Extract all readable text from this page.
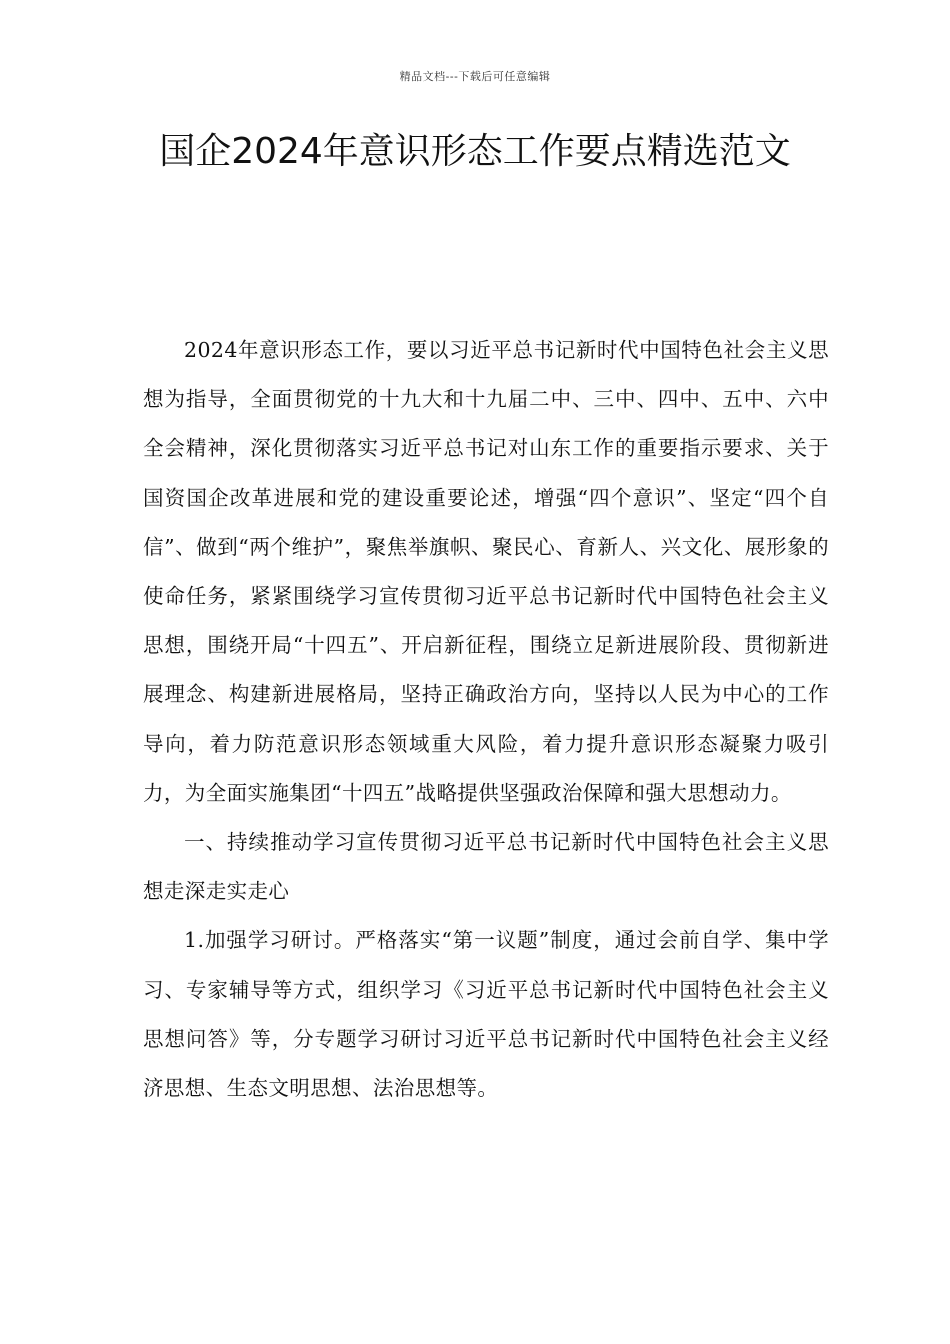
精品文档---下载后可任意编辑
国企2024年意识形态工作要点精选范文

2024年意识形态工作，要以习近平总书记新时代中国特色社会主义思想为指导，全面贯彻党的十九大和十九届二中、三中、四中、五中、六中全会精神，深化贯彻落实习近平总书记对山东工作的重要指示要求、关于国资国企改革进展和党的建设重要论述，增强“四个意识”、坚定“四个自信”、做到“两个维护”，聚焦举旗帜、聚民心、育新人、兴文化、展形象的使命任务，紧紧围绕学习宣传贯彻习近平总书记新时代中国特色社会主义思想，围绕开局“十四五”、开启新征程，围绕立足新进展阶段、贯彻新进展理念、构建新进展格局，坚持正确政治方向，坚持以人民为中心的工作导向，着力防范意识形态领域重大风险，着力提升意识形态凝聚力吸引力，为全面实施集团“十四五”战略提供坚强政治保障和强大思想动力。

一、持续推动学习宣传贯彻习近平总书记新时代中国特色社会主义思想走深走实走心

1.加强学习研讨。严格落实“第一议题”制度，通过会前自学、集中学习、专家辅导等方式，组织学习《习近平总书记新时代中国特色社会主义思想问答》等，分专题学习研讨习近平总书记新时代中国特色社会主义经济思想、生态文明思想、法治思想等。
